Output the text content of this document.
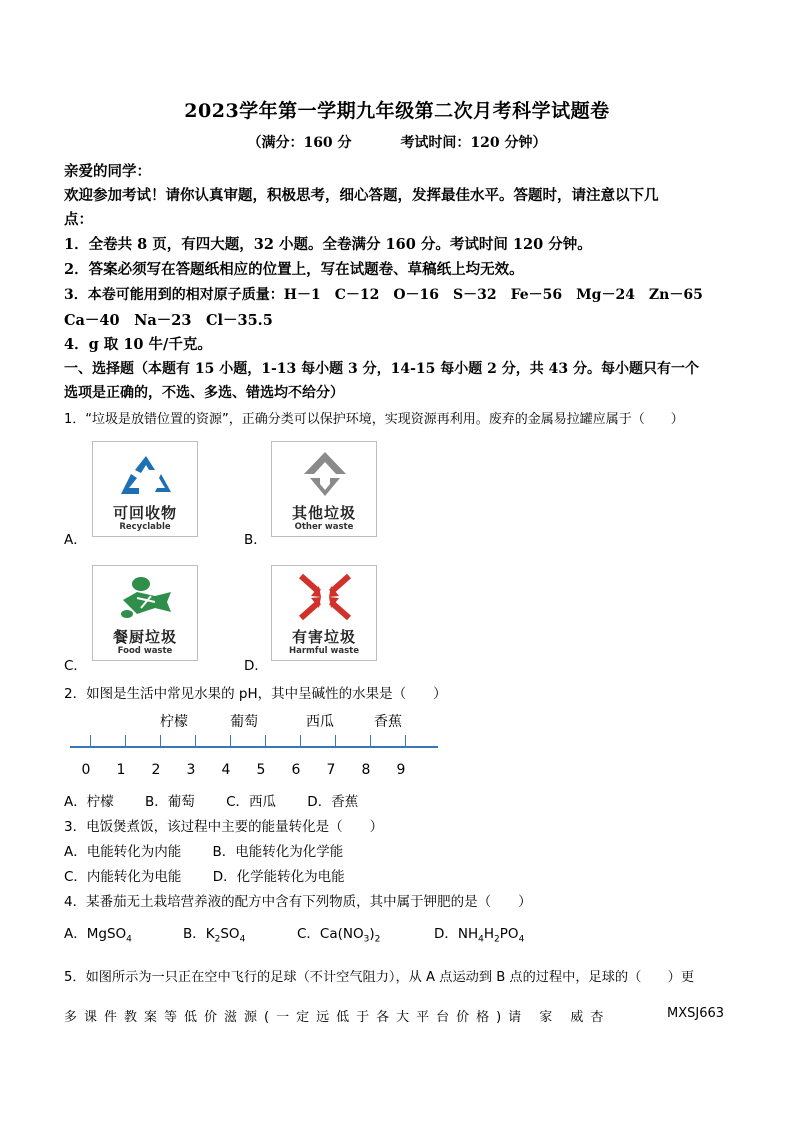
2023学年第一学期九年级第二次月考科学试题卷
（满分：160 分	考试时间：120 分钟）
亲爱的同学：
欢迎参加考试！请你认真审题，积极思考，细心答题，发挥最佳水平。答题时，请注意以下几
点：
1．全卷共 8 页，有四大题，32 小题。全卷满分 160 分。考试时间 120 分钟。
2．答案必须写在答题纸相应的位置上，写在试题卷、草稿纸上均无效。
3．本卷可能用到的相对原子质量：H－1　C－12　O－16　S－32　Fe－56　Mg－24　Zn－65
Ca－40　Na－23　Cl－35.5
4．g 取 10 牛/千克。
一、选择题（本题有 15 小题，1-13 每小题 3 分，14-15 每小题 2 分，共 43 分。每小题只有一个
选项是正确的，不选、多选、错选均不给分）
1．“垃圾是放错位置的资源”，正确分类可以保护环境，实现资源再利用。废弃的金属易拉罐应属于（　　）
A．
可回收物
Recyclable
B．
其他垃圾
Other waste
C．
餐厨垃圾
Food waste
D．
有害垃圾
Harmful waste
2．如图是生活中常见水果的 pH，其中呈碱性的水果是（　　）
柠檬	葡萄	西瓜	香蕉
0	1	2	3	4	5	6	7	8	9
A．柠檬　　 B．葡萄　　 C．西瓜　　 D．香蕉
3．电饭煲煮饭，该过程中主要的能量转化是（　　）
A．电能转化为内能　　 B．电能转化为化学能
C．内能转化为电能　　 D．化学能转化为电能
4．某番茄无土栽培营养液的配方中含有下列物质，其中属于钾肥的是（　　）
A．MgSO$_4$	B．$K_2SO_4$	C．$Ca(NO_3)_2$	D．$NH_4H_2PO_4$
5．如图所示为一只正在空中飞行的足球（不计空气阻力），从 A 点运动到 B 点的过程中，足球的（　　）更
多课件教案等低价滋源(一定远低于各大平台价格)请 家 威杏	MXSJ663
